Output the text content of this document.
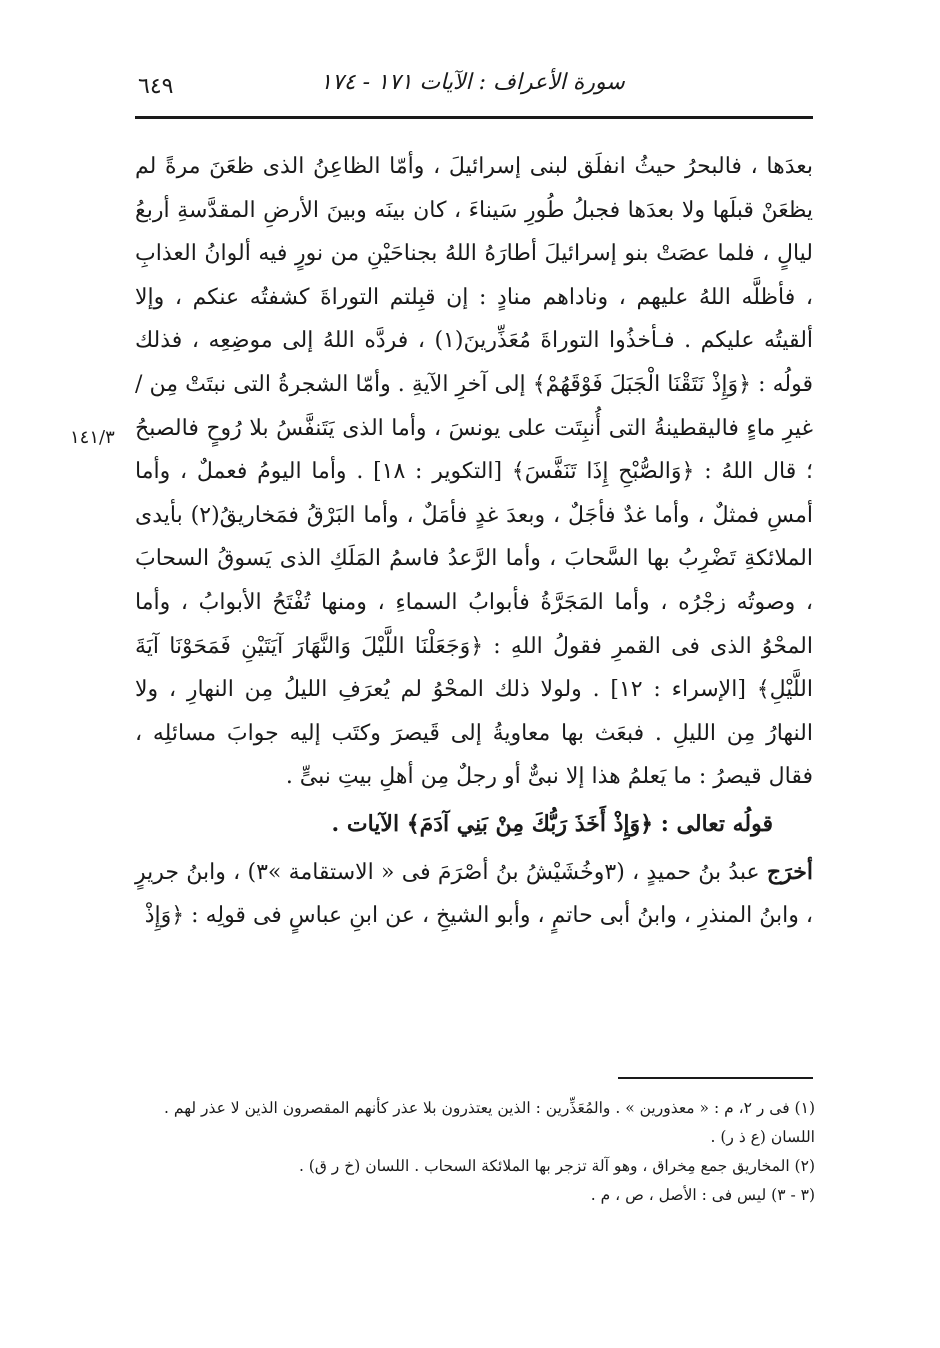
٦٤٩	سورة الأعراف : الآيات ١٧١ - ١٧٤
١٤١/٣

بعدَها ، فالبحرُ حيثُ انفلَق لبنى إسرائيلَ ، وأمّا الظاعِنُ الذى ظعَنَ مرةً لم يظعَنْ قبلَها ولا بعدَها فجبلُ طُورِ سَيناءَ ، كان بينَه وبينَ الأرضِ المقدَّسةِ أربعُ ليالٍ ، فلما عصَتْ بنو إسرائيلَ أطارَهُ اللهُ بجناحَيْنِ من نورٍ فيه ألوانُ العذابِ ، فأظلَّه اللهُ عليهم ، وناداهم منادٍ : إن قبِلتم التوراةَ كشفتُه عنكم ، وإلا ألقيتُه عليكم . فـأخذُوا التوراةَ مُعَذِّرينَ(١) ، فردَّه اللهُ إلى موضِعِه ، فذلك قولُه : ﴿وَإِذْ نَتَقْنَا الْجَبَلَ فَوْقَهُمْ﴾ إلى آخرِ الآيةِ . وأمّا الشجرةُ التى نبتَتْ مِن / غيرِ ماءٍ فاليقطينةُ التى أُنبِتَت على يونسَ ، وأما الذى يَتَنفَّسُ بلا رُوحٍ فالصبحُ ؛ قال اللهُ : ﴿وَالصُّبْحِ إِذَا تَنَفَّسَ﴾ [التكوير : ١٨] . وأما اليومُ فعملٌ ، وأما أمسِ فمثلٌ ، وأما غدٌ فأجَلٌ ، وبعدَ غدٍ فأمَلٌ ، وأما البَرْقُ فمَخاريقُ(٢) بأيدى الملائكةِ تَضْرِبُ بها السَّحابَ ، وأما الرَّعدُ فاسمُ المَلَكِ الذى يَسوقُ السحابَ ، وصوتُه زجْرُه ، وأما المَجَرَّةُ فأبوابُ السماءِ ، ومنها تُفْتَحُ الأبوابُ ، وأما المحْوُ الذى فى القمرِ فقولُ اللهِ : ﴿وَجَعَلْنَا اللَّيْلَ وَالنَّهَارَ آيَتَيْنِ فَمَحَوْنَا آيَةَ اللَّيْلِ﴾ [الإسراء : ١٢] . ولولا ذلك المحْوُ لم يُعرَفِ الليلُ مِن النهارِ ، ولا النهارُ مِن الليلِ . فبعَث بها معاويةُ إلى قَيصرَ وكتَب إليه جوابَ مسائلِه ، فقال قيصرُ : ما يَعلمُ هذا إلا نبىٌّ أو رجلٌ مِن أهلِ بيتِ نبىٍّ .

قولُه تعالى : ﴿وَإِذْ أَخَذَ رَبُّكَ مِنْ بَنِي آدَمَ﴾ الآيات .

أخرَج عبدُ بنُ حميدٍ ، (٣وخُشَيْشُ بنُ أصْرَمَ فى « الاستقامة »٣) ، وابنُ جريرٍ ، وابنُ المنذرِ ، وابنُ أبى حاتمٍ ، وأبو الشيخِ ، عن ابنِ عباسٍ فى قولِه : ﴿وَإِذْ

(١) فى ر ٢، م : « معذورين » . والمُعَذِّرين : الذين يعتذرون بلا عذر كأنهم المقصرون الذين لا عذر لهم . اللسان (ع ذ ر) .

(٢) المخاريق جمع مِخراق ، وهو آلة تزجر بها الملائكة السحاب . اللسان (خ ر ق) .

(٣ - ٣) ليس فى : الأصل ، ص ، م .
